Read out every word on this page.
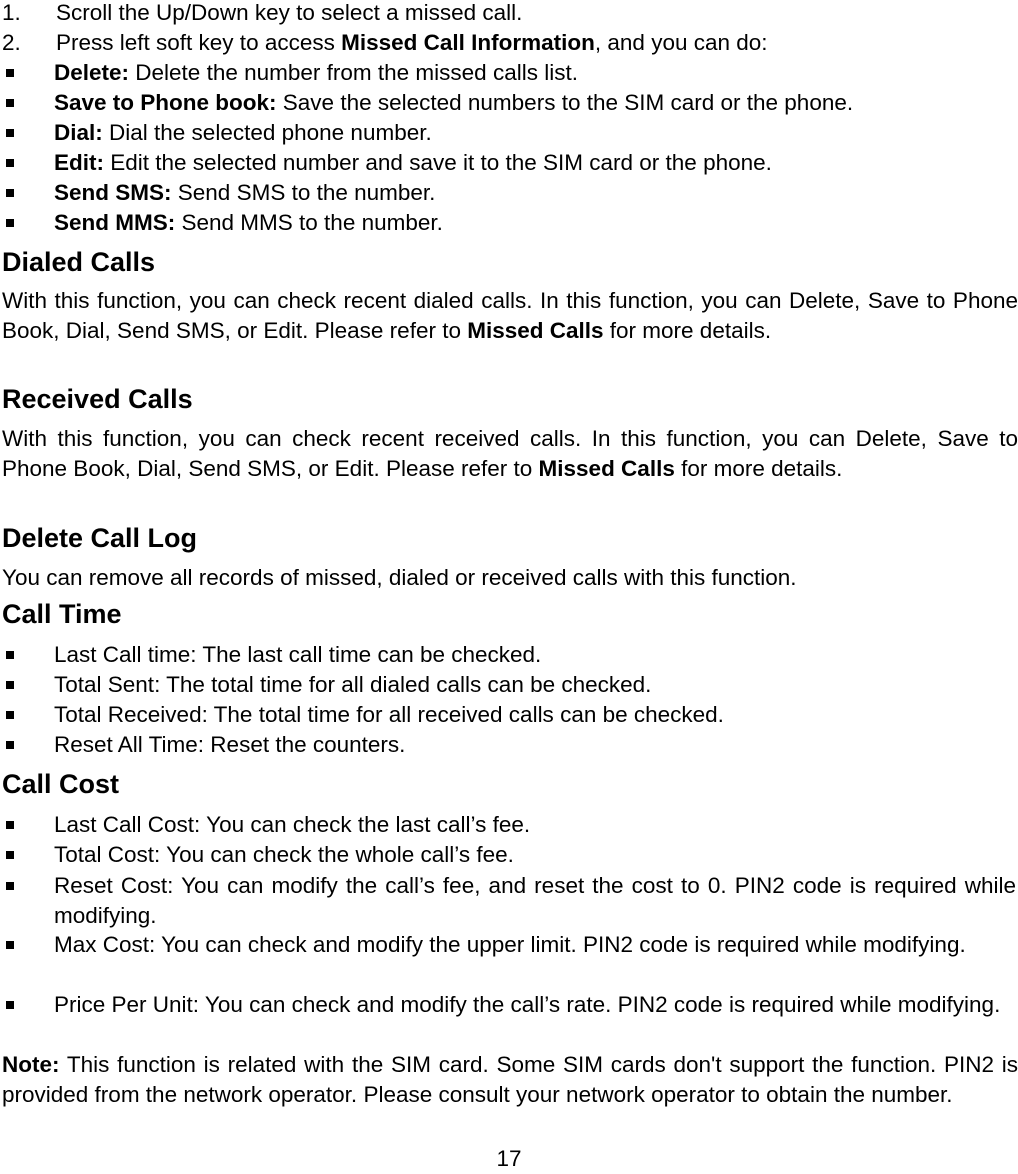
1. Scroll the Up/Down key to select a missed call.
2. Press left soft key to access Missed Call Information, and you can do:
Delete: Delete the number from the missed calls list.
Save to Phone book: Save the selected numbers to the SIM card or the phone.
Dial: Dial the selected phone number.
Edit: Edit the selected number and save it to the SIM card or the phone.
Send SMS: Send SMS to the number.
Send MMS: Send MMS to the number.
Dialed Calls
With this function, you can check recent dialed calls. In this function, you can Delete, Save to Phone Book, Dial, Send SMS, or Edit. Please refer to Missed Calls for more details.
Received Calls
With this function, you can check recent received calls. In this function, you can Delete, Save to Phone Book, Dial, Send SMS, or Edit. Please refer to Missed Calls for more details.
Delete Call Log
You can remove all records of missed, dialed or received calls with this function.
Call Time
Last Call time: The last call time can be checked.
Total Sent: The total time for all dialed calls can be checked.
Total Received: The total time for all received calls can be checked.
Reset All Time: Reset the counters.
Call Cost
Last Call Cost: You can check the last call’s fee.
Total Cost: You can check the whole call’s fee.
Reset Cost: You can modify the call’s fee, and reset the cost to 0. PIN2 code is required while modifying.
Max Cost: You can check and modify the upper limit. PIN2 code is required while modifying.
Price Per Unit: You can check and modify the call’s rate. PIN2 code is required while modifying.
Note: This function is related with the SIM card. Some SIM cards don't support the function. PIN2 is provided from the network operator. Please consult your network operator to obtain the number.
17
